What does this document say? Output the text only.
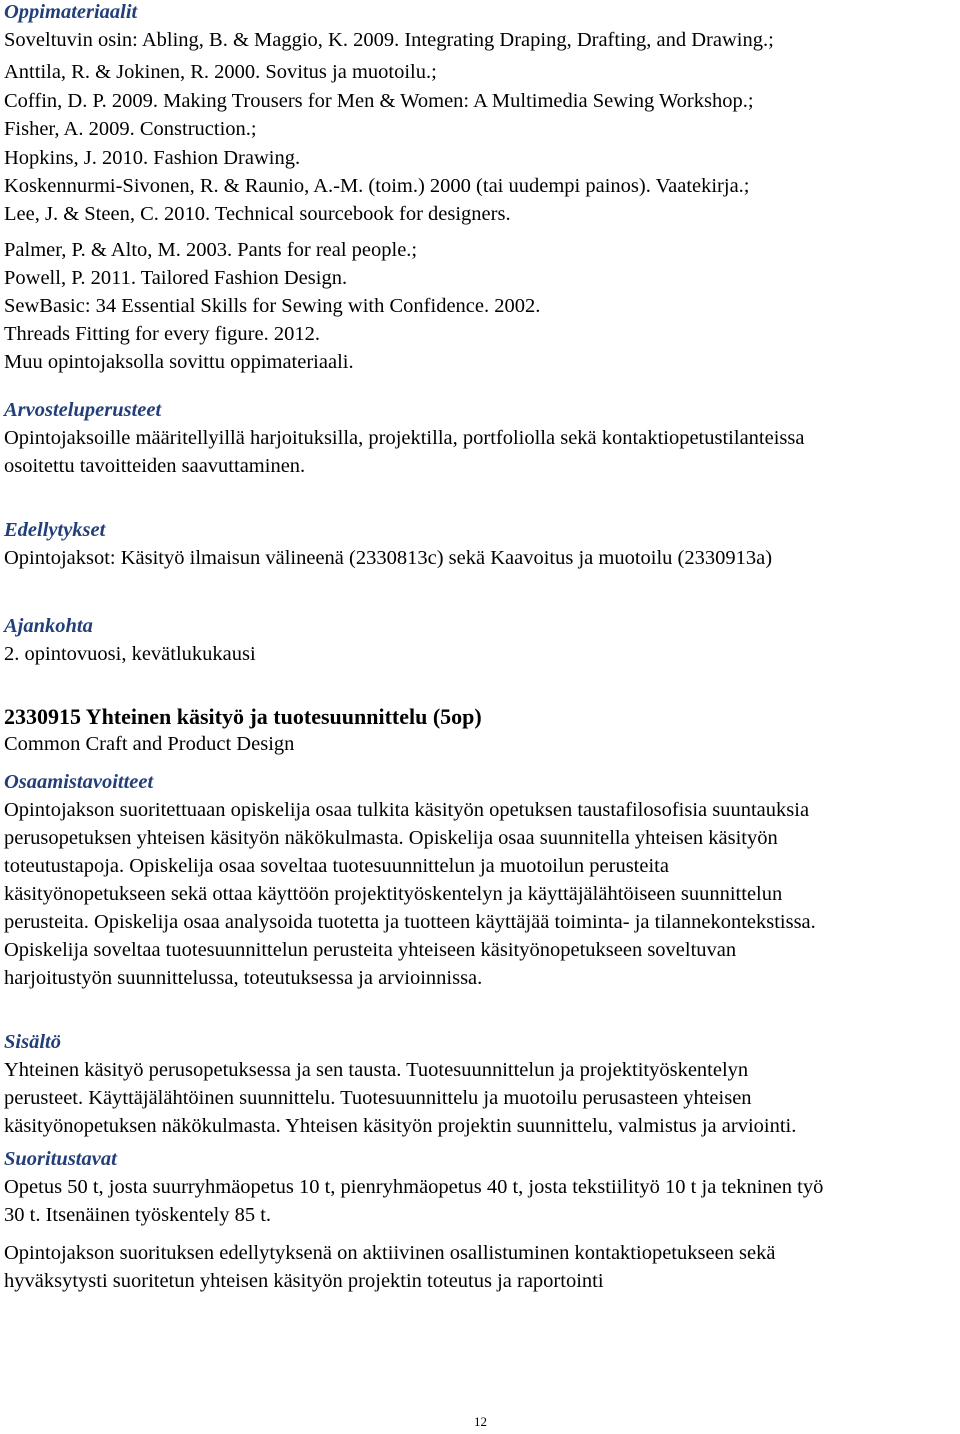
Oppimateriaalit
Soveltuvin osin: Abling, B. & Maggio, K. 2009. Integrating Draping, Drafting, and Drawing.;
Anttila, R. & Jokinen, R. 2000. Sovitus ja muotoilu.;
Coffin, D. P. 2009. Making Trousers for Men & Women: A Multimedia Sewing Workshop.;
Fisher, A. 2009. Construction.;
Hopkins, J. 2010. Fashion Drawing.
Koskennurmi-Sivonen, R. & Raunio, A.-M. (toim.) 2000 (tai uudempi painos). Vaatekirja.;
Lee, J. & Steen, C. 2010. Technical sourcebook for designers.
Palmer, P. & Alto, M. 2003. Pants for real people.;
Powell, P. 2011. Tailored Fashion Design.
SewBasic: 34 Essential Skills for Sewing with Confidence. 2002.
Threads Fitting for every figure. 2012.
Muu opintojaksolla sovittu oppimateriaali.
Arvosteluperusteet
Opintojaksoille määritellyillä harjoituksilla, projektilla, portfoliolla sekä kontaktiopetustilanteissa
osoitettu tavoitteiden saavuttaminen.
Edellytykset
Opintojaksot: Käsityö ilmaisun välineenä (2330813c) sekä Kaavoitus ja muotoilu (2330913a)
Ajankohta
2. opintovuosi, kevätlukukausi
2330915 Yhteinen käsityö ja tuotesuunnittelu (5op)
Common Craft and Product Design
Osaamistavoitteet
Opintojakson suoritettuaan opiskelija osaa tulkita käsityön opetuksen taustafilosofisia suuntauksia
perusopetuksen yhteisen käsityön näkökulmasta. Opiskelija osaa suunnitella yhteisen käsityön
toteutustapoja. Opiskelija osaa soveltaa tuotesuunnittelun ja muotoilun perusteita
käsityönopetukseen sekä ottaa käyttöön projektityöskentelyn ja käyttäjälähtöiseen suunnittelun
perusteita. Opiskelija osaa analysoida tuotetta ja tuotteen käyttäjää toiminta- ja tilannekontekstissa.
Opiskelija soveltaa tuotesuunnittelun perusteita yhteiseen käsityönopetukseen soveltuvan
harjoitustyön suunnittelussa, toteutuksessa ja arvioinnissa.
Sisältö
Yhteinen käsityö perusopetuksessa ja sen tausta. Tuotesuunnittelun ja projektityöskentelyn
perusteet. Käyttäjälähtöinen suunnittelu. Tuotesuunnittelu ja muotoilu perusasteen yhteisen
käsityönopetuksen näkökulmasta. Yhteisen käsityön projektin suunnittelu, valmistus ja arviointi.
Suoritustavat
Opetus 50 t, josta suurryhmäopetus 10 t, pienryhmäopetus 40 t, josta tekstiilityö 10 t ja tekninen työ
30 t. Itsenäinen työskentely 85 t.
Opintojakson suorituksen edellytyksenä on aktiivinen osallistuminen kontaktiopetukseen sekä
hyväksytysti suoritetun yhteisen käsityön projektin toteutus ja raportointi
12
